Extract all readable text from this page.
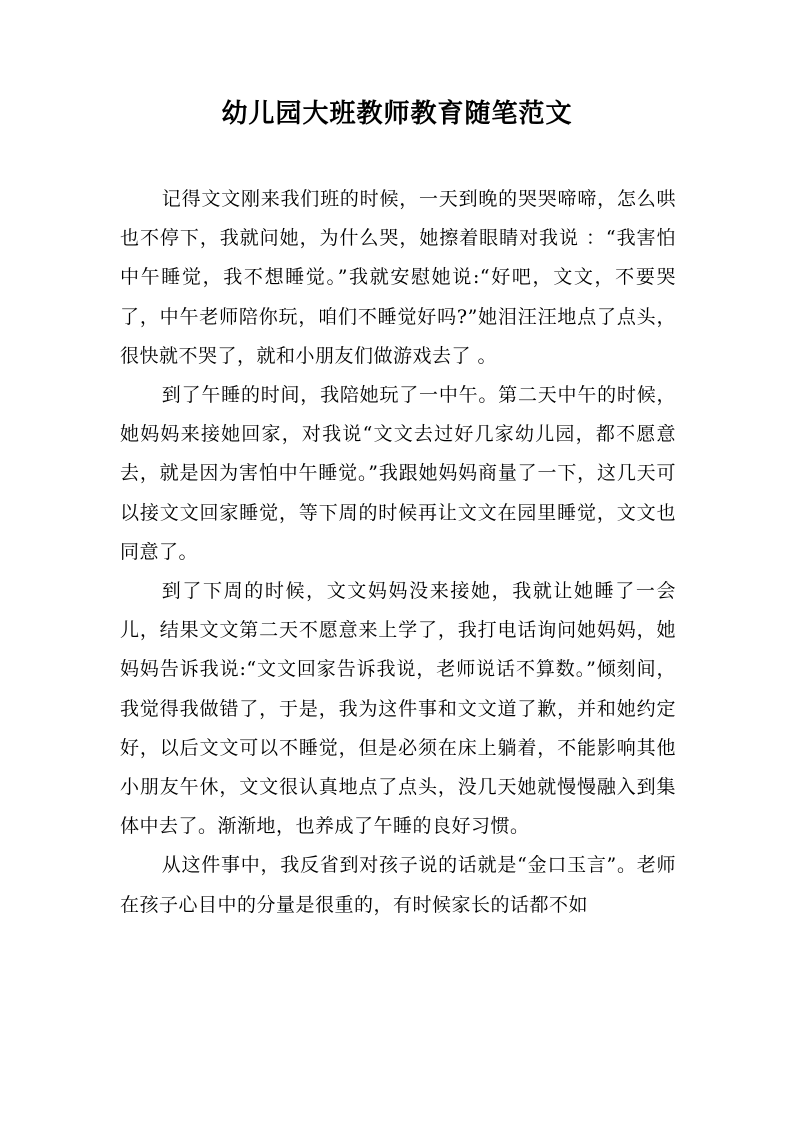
幼儿园大班教师教育随笔范文

记得文文刚来我们班的时候，一天到晚的哭哭啼啼，怎么哄也不停下，我就问她，为什么哭，她擦着眼睛对我说 ：“我害怕中午睡觉，我不想睡觉。”我就安慰她说:“好吧，文文，不要哭了，中午老师陪你玩，咱们不睡觉好吗?”她泪汪汪地点了点头，很快就不哭了，就和小朋友们做游戏去了 。

到了午睡的时间，我陪她玩了一中午。第二天中午的时候，她妈妈来接她回家，对我说“文文去过好几家幼儿园，都不愿意去，就是因为害怕中午睡觉。”我跟她妈妈商量了一下，这几天可以接文文回家睡觉，等下周的时候再让文文在园里睡觉，文文也同意了。

到了下周的时候，文文妈妈没来接她，我就让她睡了一会儿，结果文文第二天不愿意来上学了，我打电话询问她妈妈，她妈妈告诉我说:“文文回家告诉我说，老师说话不算数。”倾刻间，我觉得我做错了，于是，我为这件事和文文道了歉，并和她约定好，以后文文可以不睡觉，但是必须在床上躺着，不能影响其他小朋友午休，文文很认真地点了点头，没几天她就慢慢融入到集体中去了。渐渐地，也养成了午睡的良好习惯。

从这件事中，我反省到对孩子说的话就是“金口玉言”。老师在孩子心目中的分量是很重的，有时候家长的话都不如
